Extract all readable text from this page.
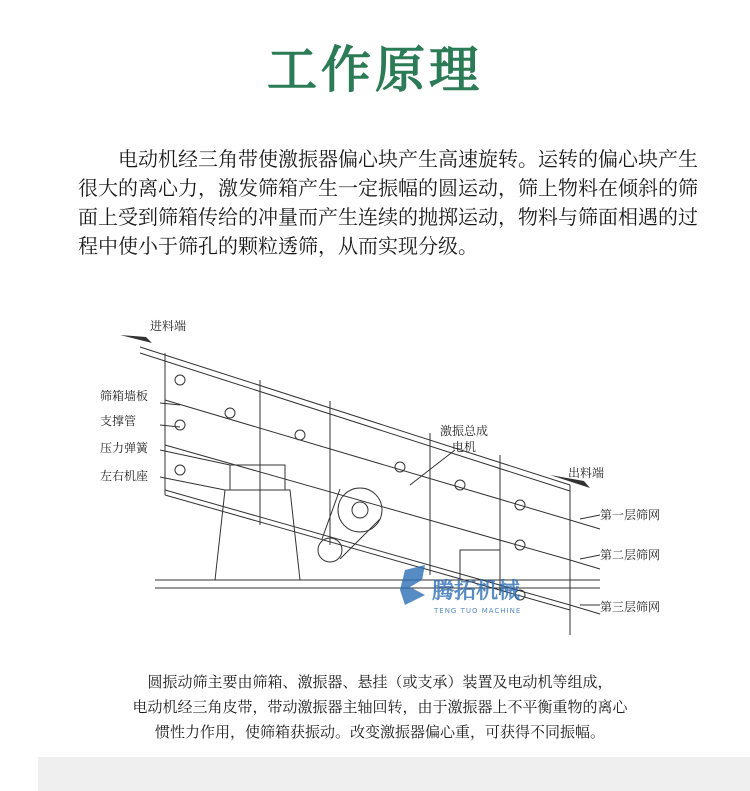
工作原理

电动机经三角带使激振器偏心块产生高速旋转。运转的偏心块产生很大的离心力，激发筛箱产生一定振幅的圆运动，筛上物料在倾斜的筛面上受到筛箱传给的冲量而产生连续的抛掷运动，物料与筛面相遇的过程中使小于筛孔的颗粒透筛，从而实现分级。

进料端
筛箱墙板
支撑管
压力弹簧
左右机座
激振总成
电机
出料端
第一层筛网
第二层筛网
第三层筛网
腾拓机械
TENG TUO MACHINE

圆振动筛主要由筛箱、激振器、悬挂（或支承）装置及电动机等组成，

电动机经三角皮带，带动激振器主轴回转，由于激振器上不平衡重物的离心

惯性力作用，使筛箱获振动。改变激振器偏心重，可获得不同振幅。
